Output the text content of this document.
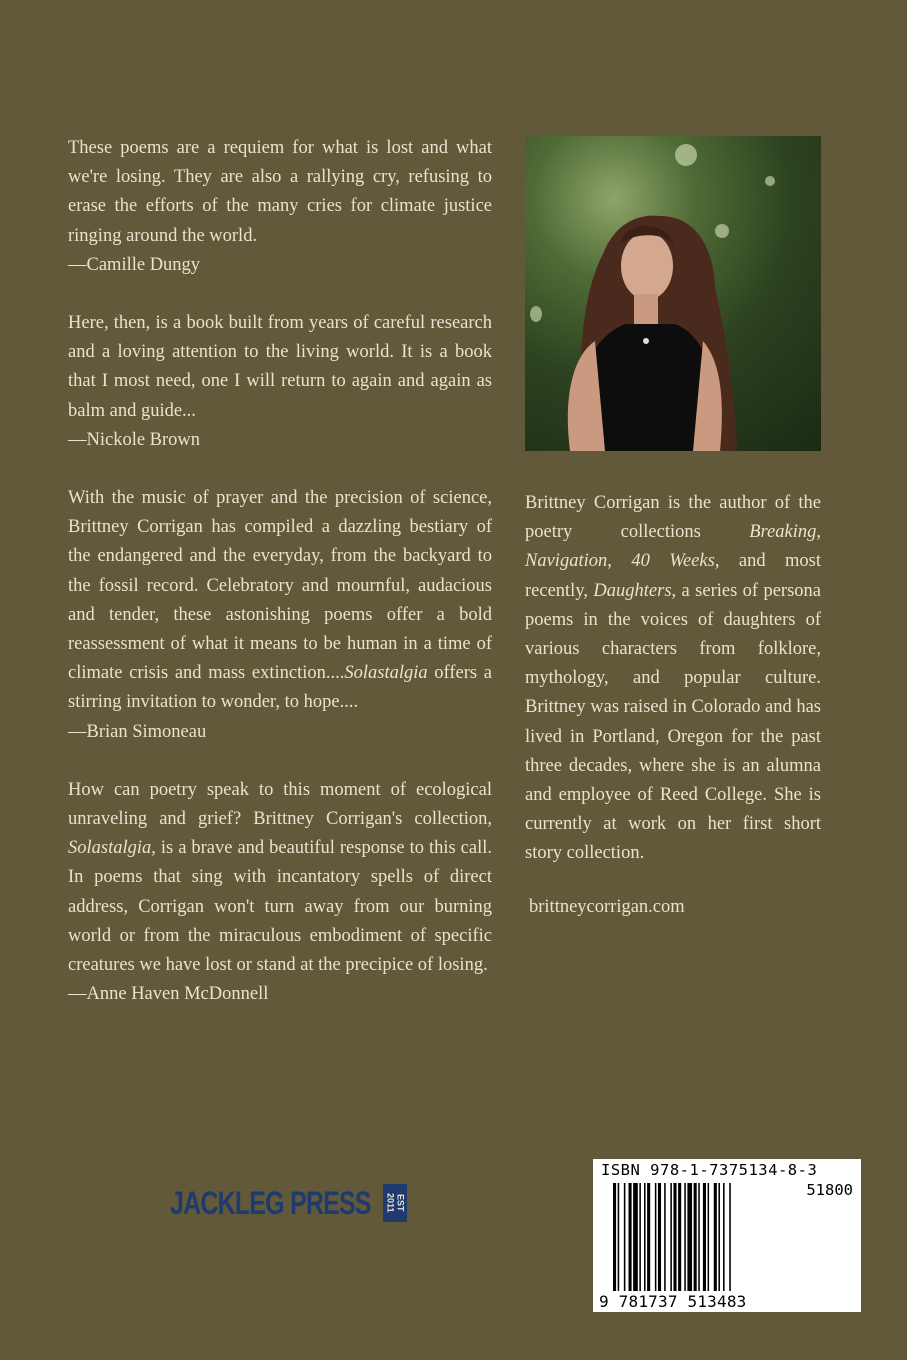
These poems are a requiem for what is lost and what we're losing. They are also a rallying cry, refusing to erase the efforts of the many cries for climate justice ringing around the world.
—Camille Dungy

Here, then, is a book built from years of careful research and a loving attention to the living world. It is a book that I most need, one I will return to again and again as balm and guide...
—Nickole Brown

With the music of prayer and the precision of science, Brittney Corrigan has compiled a dazzling bestiary of the endangered and the everyday, from the backyard to the fossil record. Celebratory and mournful, audacious and tender, these astonishing poems offer a bold reassessment of what it means to be human in a time of climate crisis and mass extinction....Solastalgia offers a stirring invitation to wonder, to hope....
—Brian Simoneau

How can poetry speak to this moment of ecological unraveling and grief? Brittney Corrigan's collection, Solastalgia, is a brave and beautiful response to this call. In poems that sing with incantatory spells of direct address, Corrigan won't turn away from our burning world or from the miraculous embodiment of specific creatures we have lost or stand at the precipice of losing.
—Anne Haven McDonnell

Brittney Corrigan is the author of the poetry collections Breaking, Navigation, 40 Weeks, and most recently, Daughters, a series of persona poems in the voices of daughters of various characters from folklore, mythology, and popular culture. Brittney was raised in Colorado and has lived in Portland, Oregon for the past three decades, where she is an alumna and employee of Reed College. She is currently at work on her first short story collection.
brittneycorrigan.com
JACKLEG PRESS	EST 2011
ISBN 978-1-7375134-8-3
51800
9 781737 513483
